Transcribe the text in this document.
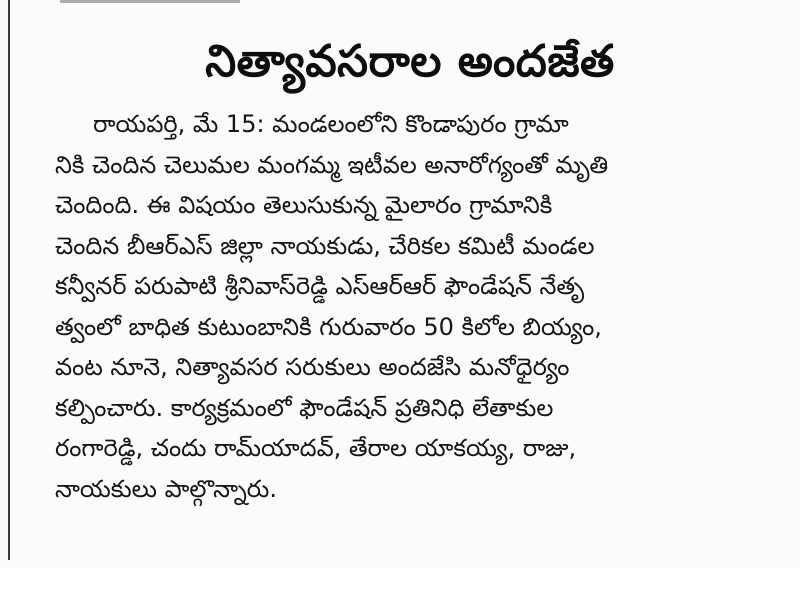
నిత్యావసరాల అందజేత
రాయపర్తి, మే 15: మండలంలోని కొండాపురం గ్రామా
నికి చెందిన చెలుమల మంగమ్మ ఇటీవల అనారోగ్యంతో మృతి
చెందింది. ఈ విషయం తెలుసుకున్న మైలారం గ్రామానికి
చెందిన బీఆర్ఎస్ జిల్లా నాయకుడు, చేరికల కమిటీ మండల
కన్వీనర్ పరుపాటి శ్రీనివాస్‌రెడ్డి ఎస్ఆర్ఆర్ ఫౌండేషన్ నేతృ
త్వంలో బాధిత కుటుంబానికి గురువారం 50 కిలోల బియ్యం,
వంట నూనె, నిత్యావసర సరుకులు అందజేసి మనోధైర్యం
కల్పించారు. కార్యక్రమంలో ఫౌండేషన్ ప్రతినిధి లేతాకుల
రంగారెడ్డి, చందు రామ్‌యాదవ్, తేరాల యాకయ్య, రాజు,
నాయకులు పాల్గొన్నారు.
